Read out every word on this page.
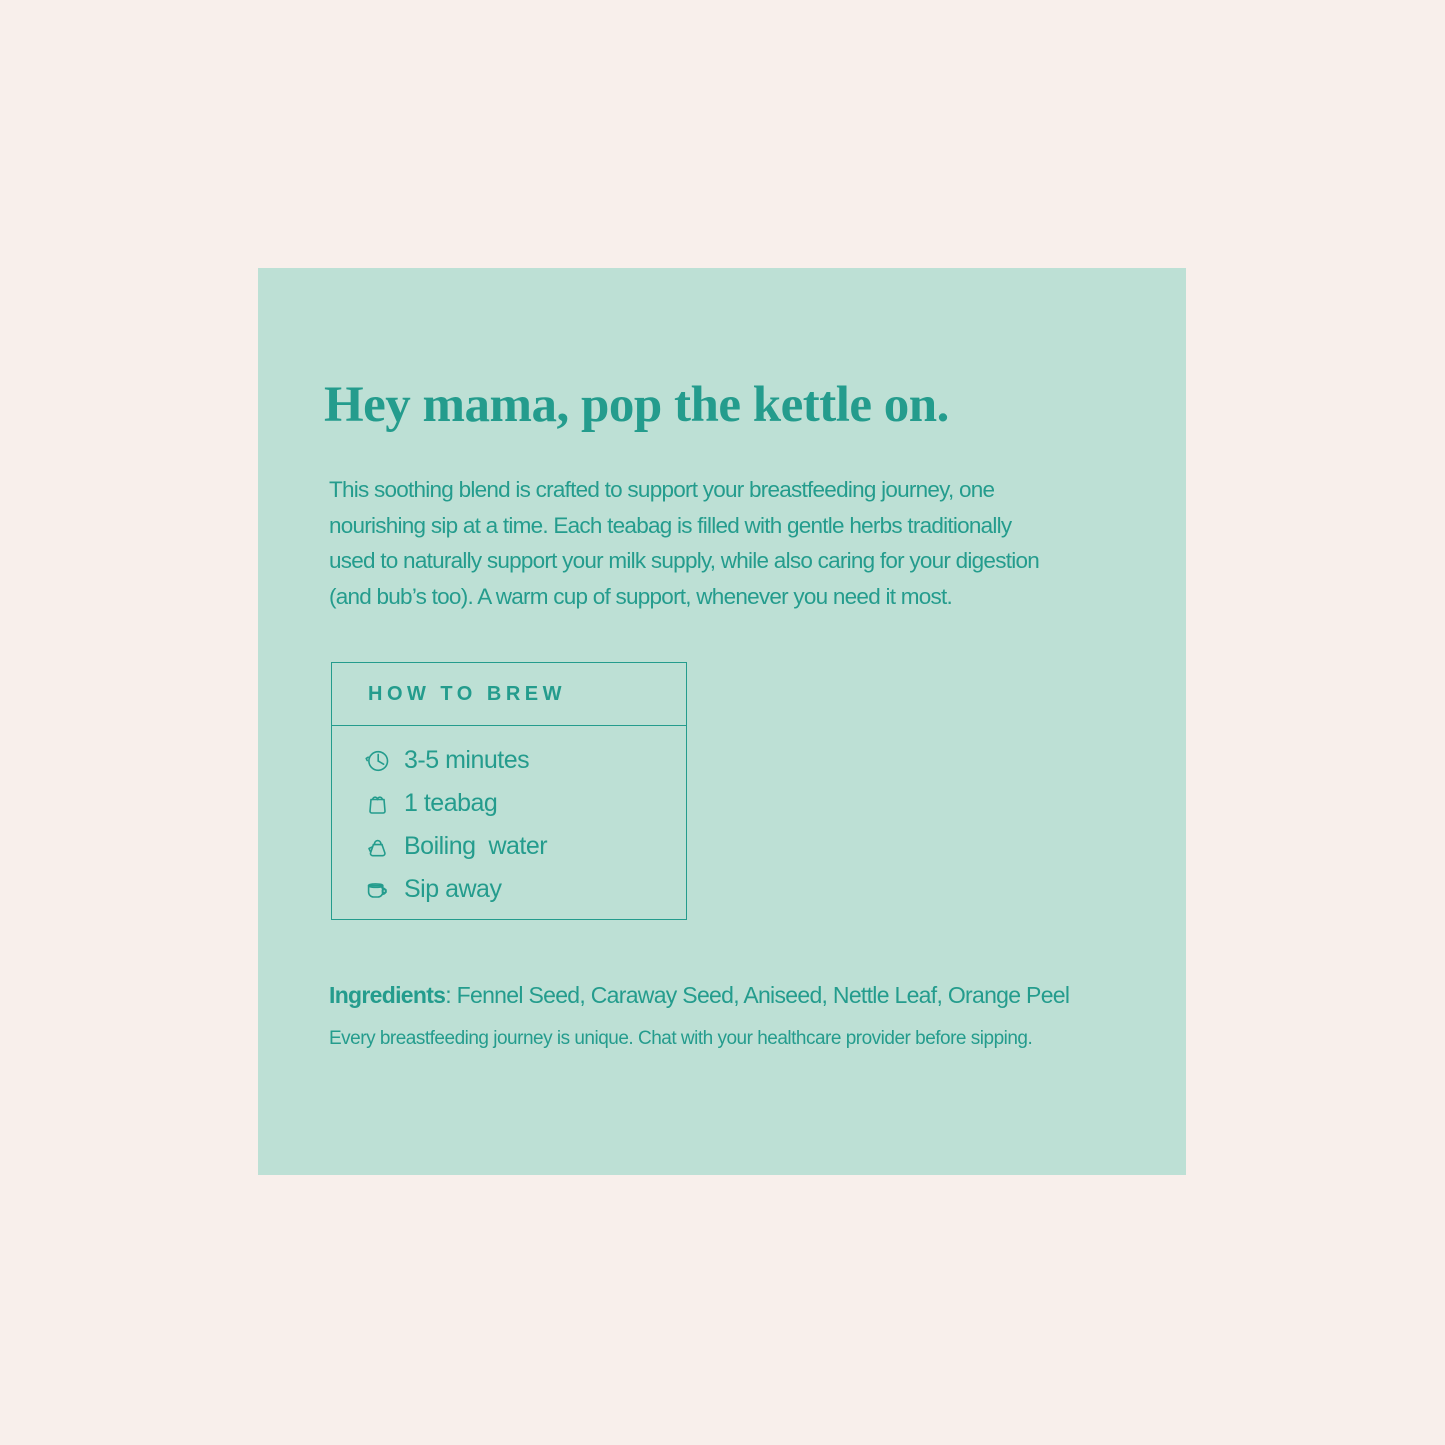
Hey mama, pop the kettle on.
This soothing blend is crafted to support your breastfeeding journey, one
nourishing sip at a time. Each teabag is filled with gentle herbs traditionally
used to naturally support your milk supply, while also caring for your digestion
(and bub’s too). A warm cup of support, whenever you need it most.
HOW TO BREW
3-5 minutes
1 teabag
Boiling  water
Sip away
Ingredients: Fennel Seed, Caraway Seed, Aniseed, Nettle Leaf, Orange Peel
Every breastfeeding journey is unique. Chat with your healthcare provider before sipping.
